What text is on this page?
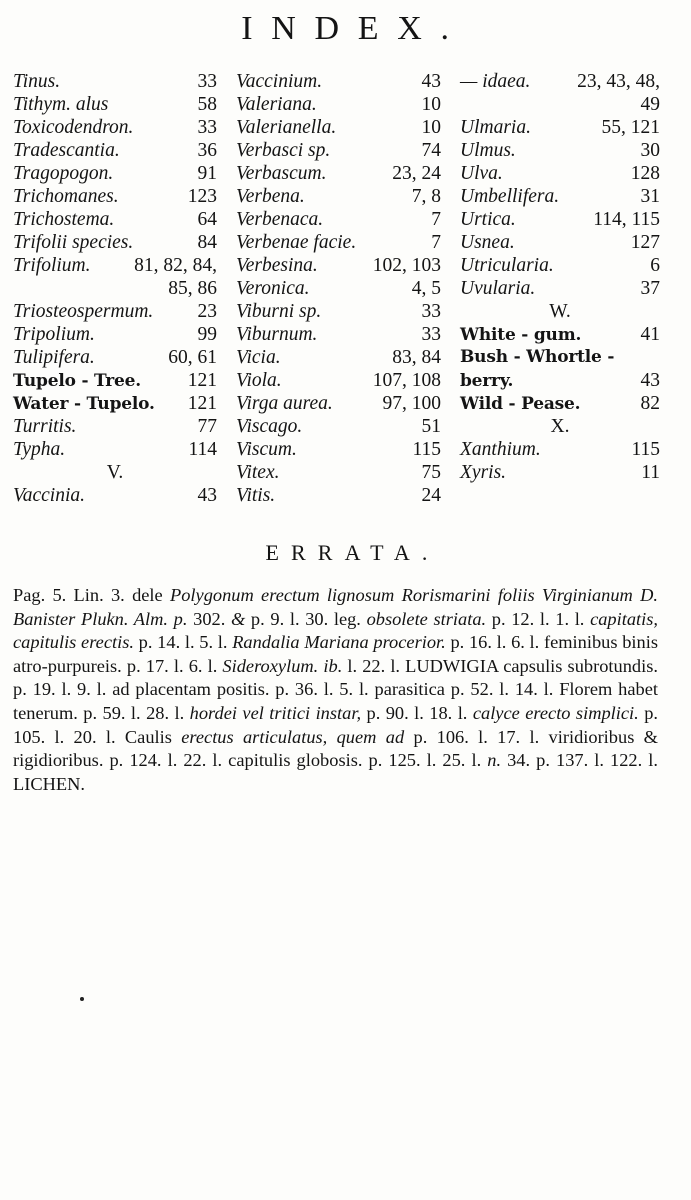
INDEX.
Tinus.	33
Tithym. alus	58
Toxicodendron.	33
Tradescantia.	36
Tragopogon.	91
Trichomanes.	123
Trichostema.	64
Trifolii species.	84
Trifolium. 81, 82, 84,
85, 86
Triosteospermum. 23
Tripolium.	99
Tulipifera.	60, 61
Tupelo - Tree. 121
Water - Tupelo. 121
Turritis.	77
Typha.	114
V.
Vaccinia.	43
Vaccinium.	43
Valeriana.	10
Valerianella.	10
Verbasci sp.	74
Verbascum.	23, 24
Verbena.	7, 8
Verbenaca.	7
Verbenae facie.	7
Verbesina.	102, 103
Veronica.	4, 5
Viburni sp.	33
Viburnum.	33
Vicia.	83, 84
Viola.	107, 108
Virga aurea.	97, 100
Viscago.	51
Viscum.	115
Vitex.	75
Vitis.	24
— idaea. 23, 43, 48,
49
Ulmaria.	55, 121
Ulmus.	30
Ulva.	128
Umbellifera.	31
Urtica.	114, 115
Usnea.	127
Utricularia.	6
Uvularia.	37
W.
White - gum.	41
Bush - Whortle -
berry.	43
Wild - Pease.	82
X.
Xanthium.	115
Xyris.	11
ERRATA.
Pag. 5. Lin. 3. dele Polygonum erectum lignosum Rorismarini foliis Virginianum D. Banister Plukn. Alm. p. 302. & p. 9. l. 30. leg. obsolete striata. p. 12. l. 1. l. capitatis, capitulis erectis. p. 14. l. 5. l. Randalia Mariana procerior. p. 16. l. 6. l. feminibus binis atro-purpureis. p. 17. l. 6. l. Sideroxylum. ib. l. 22. l. LUDWIGIA capsulis subrotundis. p. 19. l. 9. l. ad placentam positis. p. 36. l. 5. l. parasitica p. 52. l. 14. l. Florem habet tenerum. p. 59. l. 28. l. hordei vel tritici instar, p. 90. l. 18. l. calyce erecto simplici. p. 105. l. 20. l. Caulis erectus articulatus, quem ad p. 106. l. 17. l. viridioribus & rigidioribus. p. 124. l. 22. l. capitulis globosis. p. 125. l. 25. l. n. 34. p. 137. l. 122. l. LICHEN.
